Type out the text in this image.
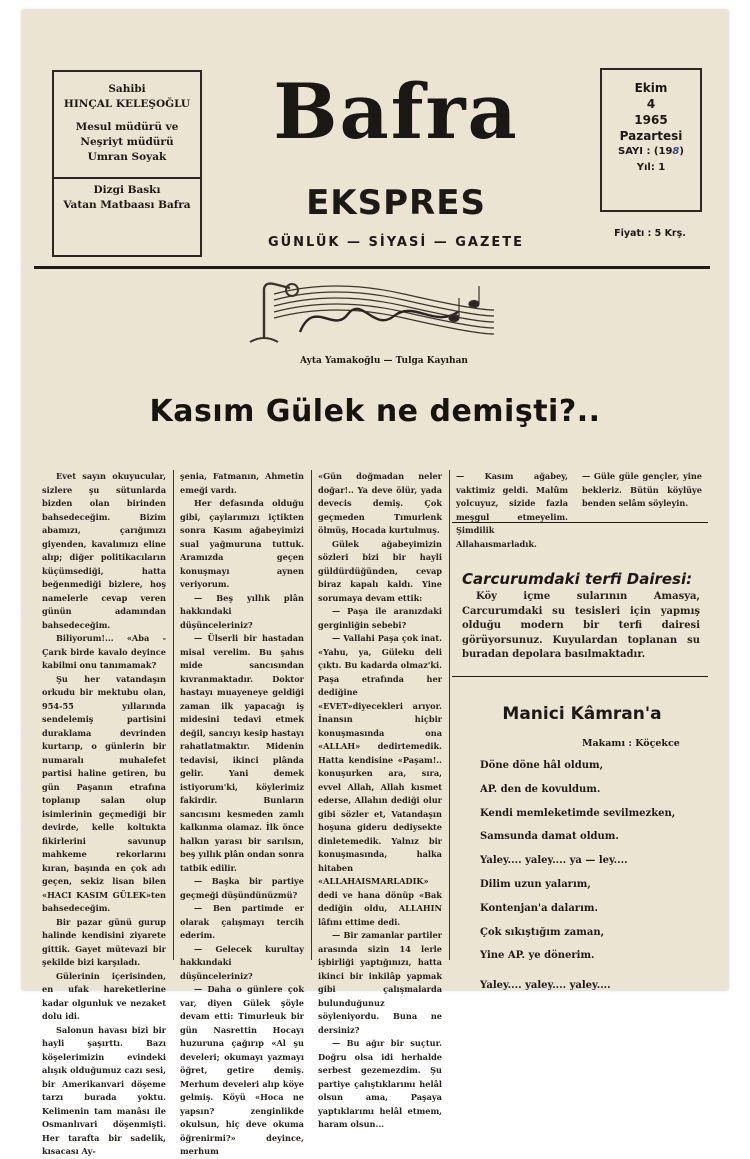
Sahibi

HINÇAL KELEŞOĞLU

Mesul müdürü ve

Neşriyt müdürü

Umran Soyak

Dizgi Baskı

Vatan Matbaası Bafra

Bafra
EKSPRES
GÜNLÜK — SİYASİ — GAZETE

Ekim

4

1965

Pazartesi

SAYI : (198)

Yıl: 1

Fiyatı : 5 Krş.
Ayta Yamakoğlu — Tulga Kayıhan
Kasım Gülek ne demişti?..

Evet sayın okuyucular, sizlere şu sütunlarda bizden olan birinden bahsedeceğim. Bizim abamızı, çarığımızı giyenden, kavalımızı eline alıp; diğer politikacıların küçümsediği, hatta beğenmediği bizlere, hoş namelerle cevap veren günün adamından bahsedeceğim.

Biliyorum!... «Aba - Çarık birde kavalo deyince kabilmi onu tanımamak?

Şu her vatandaşın orkudu bir mektubu olan, 954-55 yıllarında sendelemiş partisini duraklama devrinden kurtarıp, o günlerin bir numaralı muhalefet partisi haline getiren, bu gün Paşanın etrafına toplanıp salan olup isimlerinin geçmediği bir devirde, kelle koltukta fikirlerini savunup mahkeme rekorlarını kıran, başında en çok adı geçen, sekiz lisan bilen «HACI KASIM GÜLEK»ten bahsedeceğim.

Bir pazar günü gurup halinde kendisini ziyarete gittik. Gayet mütevazi bir şekilde bizi karşıladı.

Gülerinin içerisinden, en ufak hareketlerine kadar olgunluk ve nezaket dolu idi.

Salonun havası bizi bir hayli şaşırttı. Bazı köşelerimizin evindeki alışık olduğumuz cazı sesi, bir Amerikanvari döşeme tarzı burada yoktu. Kelimenin tam manâsı ile Osmanlıvari döşenmişti. Her tarafta bir sadelik, kısacası Ay-

şenia, Fatmanın, Ahmetin emeği vardı.

Her defasında olduğu gibi, çaylarımızı içtikten sonra Kasım ağabeyimizi sual yağmuruna tuttuk. Aramızda geçen konuşmayı aynen veriyorum.

— Beş yıllık plân hakkındaki düşünceleriniz?

— Ülserli bir hastadan misal verelim. Bu şahıs mide sancısından kıvranmaktadır. Doktor hastayı muayeneye geldiği zaman ilk yapacağı iş midesini tedavi etmek değil, sancıyı kesip hastayı rahatlatmaktır. Midenin tedavisi, ikinci plânda gelir. Yani demek istiyorum'ki, köylerimiz fakirdir. Bunların sancısını kesmeden zamlı kalkınma olamaz. İlk önce halkın yarası bir sarılsın, beş yıllık plân ondan sonra tatbik edilir.

— Başka bir partiye geçmeği düşündünüzmü?

— Ben partimde er olarak çalışmayı tercih ederim.

— Gelecek kurultay hakkındaki düşünceleriniz?

— Daha o günlere çok var, diyen Gülek şöyle devam etti: Timurleuk bir gün Nasrettin Hocayı huzuruna çağırıp «Al şu develeri; okumayı yazmayı öğret, getire demiş. Merhum develeri alıp köye gelmiş. Köyü «Hoca ne yapsın? zenginlikde okulsun, hiç deve okuma öğrenirmi?» deyince, merhum

«Gün doğmadan neler doğar!.. Ya deve ölür, yada devecis demiş. Çok geçmeden Tımurlenk ölmüş, Hocada kurtulmuş.

Gülek ağabeyimizin sözleri bizi bir hayli güldürdüğünden, cevap biraz kapalı kaldı. Yine sorumaya devam ettik:

— Paşa ile aranızdaki gerginliğin sebebi?

— Vallahi Paşa çok inat. «Yahu, ya, Güleku deli çıktı. Bu kadarda olmaz'ki. Paşa etrafında her dediğine «EVET»diyecekleri arıyor. İnansın hiçbir konuşmasında ona «ALLAH» dedirtemedik. Hatta kendisine «Paşam!.. konuşurken ara, sıra, evvel Allah, Allah kısmet ederse, Allahın dediği olur gibi sözler et, Vatandaşın hoşuna gideru dediysekte dinletemedik. Yalnız bir konuşmasında, halka hitaben «ALLAHAISMARLADIK» dedi ve hana dönüp «Bak dediğin oldu, ALLAHIN lâfını ettime dedi.

— Bir zamanlar partiler arasında sizin 14 lerle işbirliği yaptığınızı, hatta ikinci bir inkilâp yapmak gibi çalışmalarda bulunduğunuz söyleniyordu. Buna ne dersiniz?

— Bu ağır bir suçtur. Doğru olsa idi herhalde serbest gezemezdim. Şu partiye çalıştıklarımı helâl olsun ama, Paşaya yaptıklarımı helâl etmem, haram olsun...

— Kasım ağabey, vaktimiz geldi. Malûm yolcuyuz, sizide fazla meşgul etmeyelim. Şimdilik Allahaısmarladık.

— Güle güle gençler, yine bekleriz. Bütün köylüye benden selâm söyleyin.

Carcurumdaki terfi Dairesi:
Köy içme sularının Amasya, Carcurumdaki su tesisleri için yapmış olduğu modern bir terfi dairesi görüyorsunuz. Kuyulardan toplanan su buradan depolara basılmaktadır.
Manici Kâmran'a
Makamı : Köçekce

Döne döne hâl oldum,

AP. den de kovuldum.

Kendi memleketimde sevilmezken,

Samsunda damat oldum.

Yaley.... yaley.... ya — ley....

Dilim uzun yalarım,

Kontenjan'a dalarım.

Çok sıkıştığım zaman,

Yine AP. ye dönerim.

Yaley.... yaley.... yaley....
